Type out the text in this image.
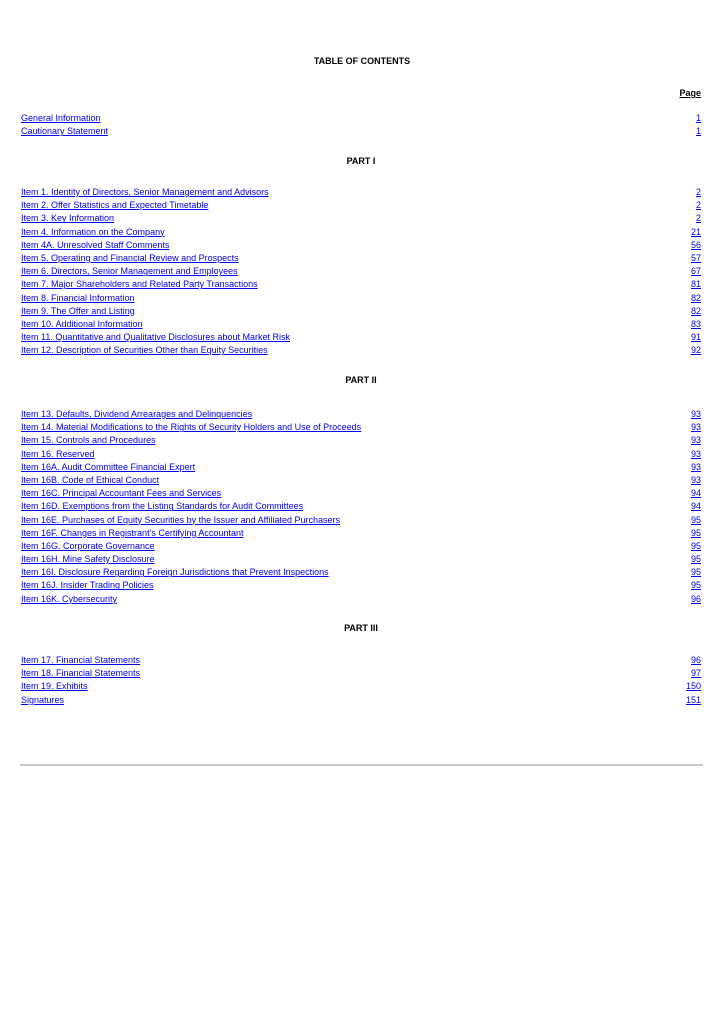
TABLE OF CONTENTS
Page
General Information	1
Cautionary Statement	1
PART I
Item 1. Identity of Directors, Senior Management and Advisors	2
Item 2. Offer Statistics and Expected Timetable	2
Item 3. Key Information	2
Item 4. Information on the Company	21
Item 4A. Unresolved Staff Comments	56
Item 5. Operating and Financial Review and Prospects	57
Item 6. Directors, Senior Management and Employees	67
Item 7. Major Shareholders and Related Party Transactions	81
Item 8. Financial Information	82
Item 9. The Offer and Listing	82
Item 10. Additional Information	83
Item 11. Quantitative and Qualitative Disclosures about Market Risk	91
Item 12. Description of Securities Other than Equity Securities	92
PART II
Item 13. Defaults, Dividend Arrearages and Delinquencies	93
Item 14. Material Modifications to the Rights of Security Holders and Use of Proceeds	93
Item 15. Controls and Procedures	93
Item 16. Reserved	93
Item 16A. Audit Committee Financial Expert	93
Item 16B. Code of Ethical Conduct	93
Item 16C. Principal Accountant Fees and Services	94
Item 16D. Exemptions from the Listing Standards for Audit Committees	94
Item 16E. Purchases of Equity Securities by the Issuer and Affiliated Purchasers	95
Item 16F. Changes in Registrant’s Certifying Accountant	95
Item 16G. Corporate Governance	95
Item 16H. Mine Safety Disclosure	95
Item 16I. Disclosure Regarding Foreign Jurisdictions that Prevent Inspections	95
Item 16J. Insider Trading Policies	95
Item 16K. Cybersecurity	96
PART III
Item 17. Financial Statements	96
Item 18. Financial Statements	97
Item 19. Exhibits	150
Signatures	151
